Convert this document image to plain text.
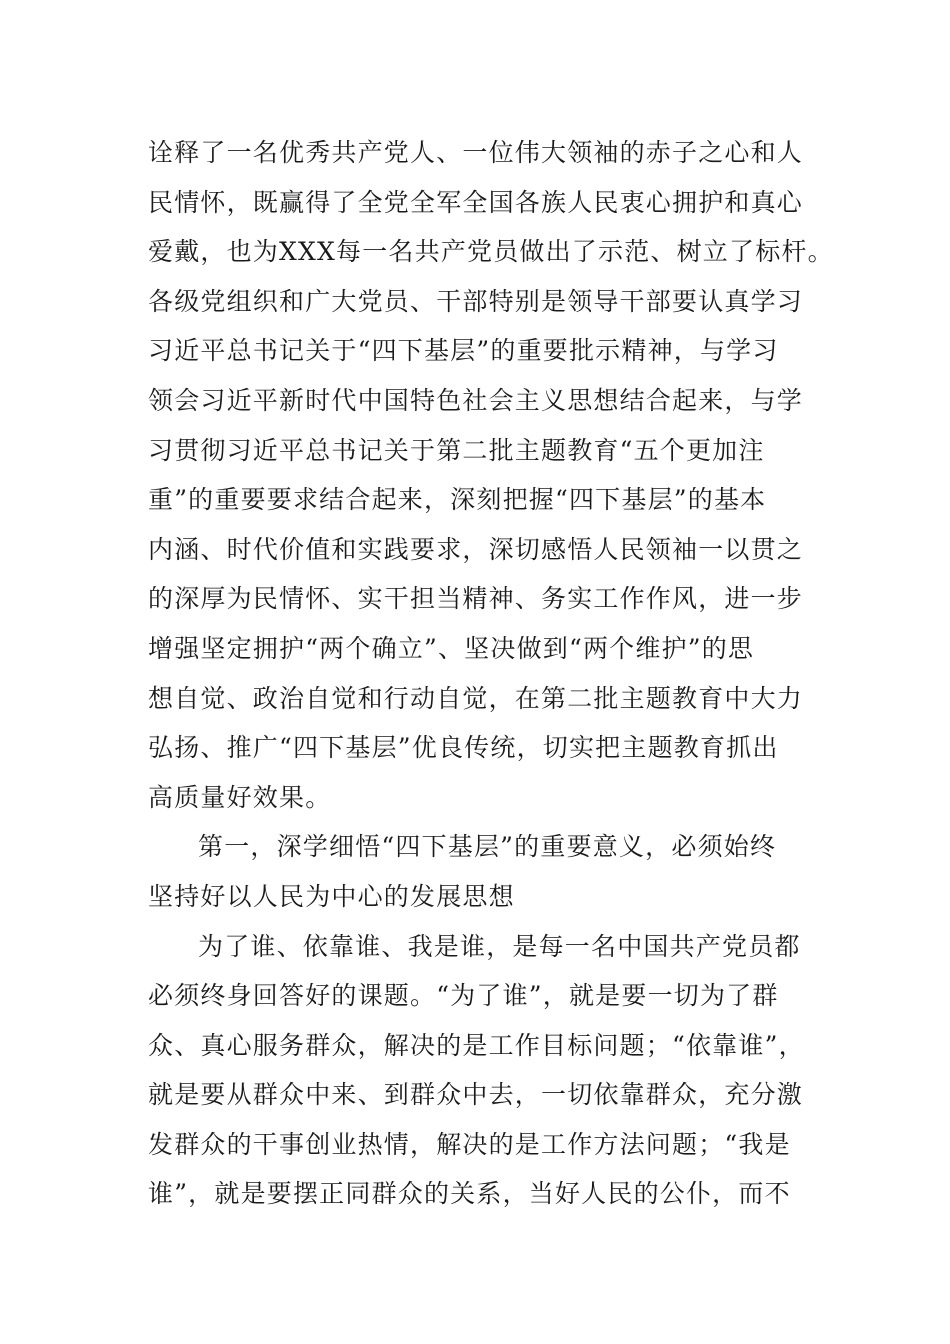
诠释了一名优秀共产党人、一位伟大领袖的赤子之心和人
民情怀，既赢得了全党全军全国各族人民衷心拥护和真心
爱戴，也为XXX每一名共产党员做出了示范、树立了标杆。
各级党组织和广大党员、干部特别是领导干部要认真学习
习近平总书记关于“四下基层”的重要批示精神，与学习
领会习近平新时代中国特色社会主义思想结合起来，与学
习贯彻习近平总书记关于第二批主题教育“五个更加注
重”的重要要求结合起来，深刻把握“四下基层”的基本
内涵、时代价值和实践要求，深切感悟人民领袖一以贯之
的深厚为民情怀、实干担当精神、务实工作作风，进一步
增强坚定拥护“两个确立”、坚决做到“两个维护”的思
想自觉、政治自觉和行动自觉，在第二批主题教育中大力
弘扬、推广“四下基层”优良传统，切实把主题教育抓出
高质量好效果。
第一，深学细悟“四下基层”的重要意义，必须始终
坚持好以人民为中心的发展思想
为了谁、依靠谁、我是谁，是每一名中国共产党员都
必须终身回答好的课题。“为了谁”，就是要一切为了群
众、真心服务群众，解决的是工作目标问题；“依靠谁”，
就是要从群众中来、到群众中去，一切依靠群众，充分激
发群众的干事创业热情，解决的是工作方法问题；“我是
谁”，就是要摆正同群众的关系，当好人民的公仆，而不
